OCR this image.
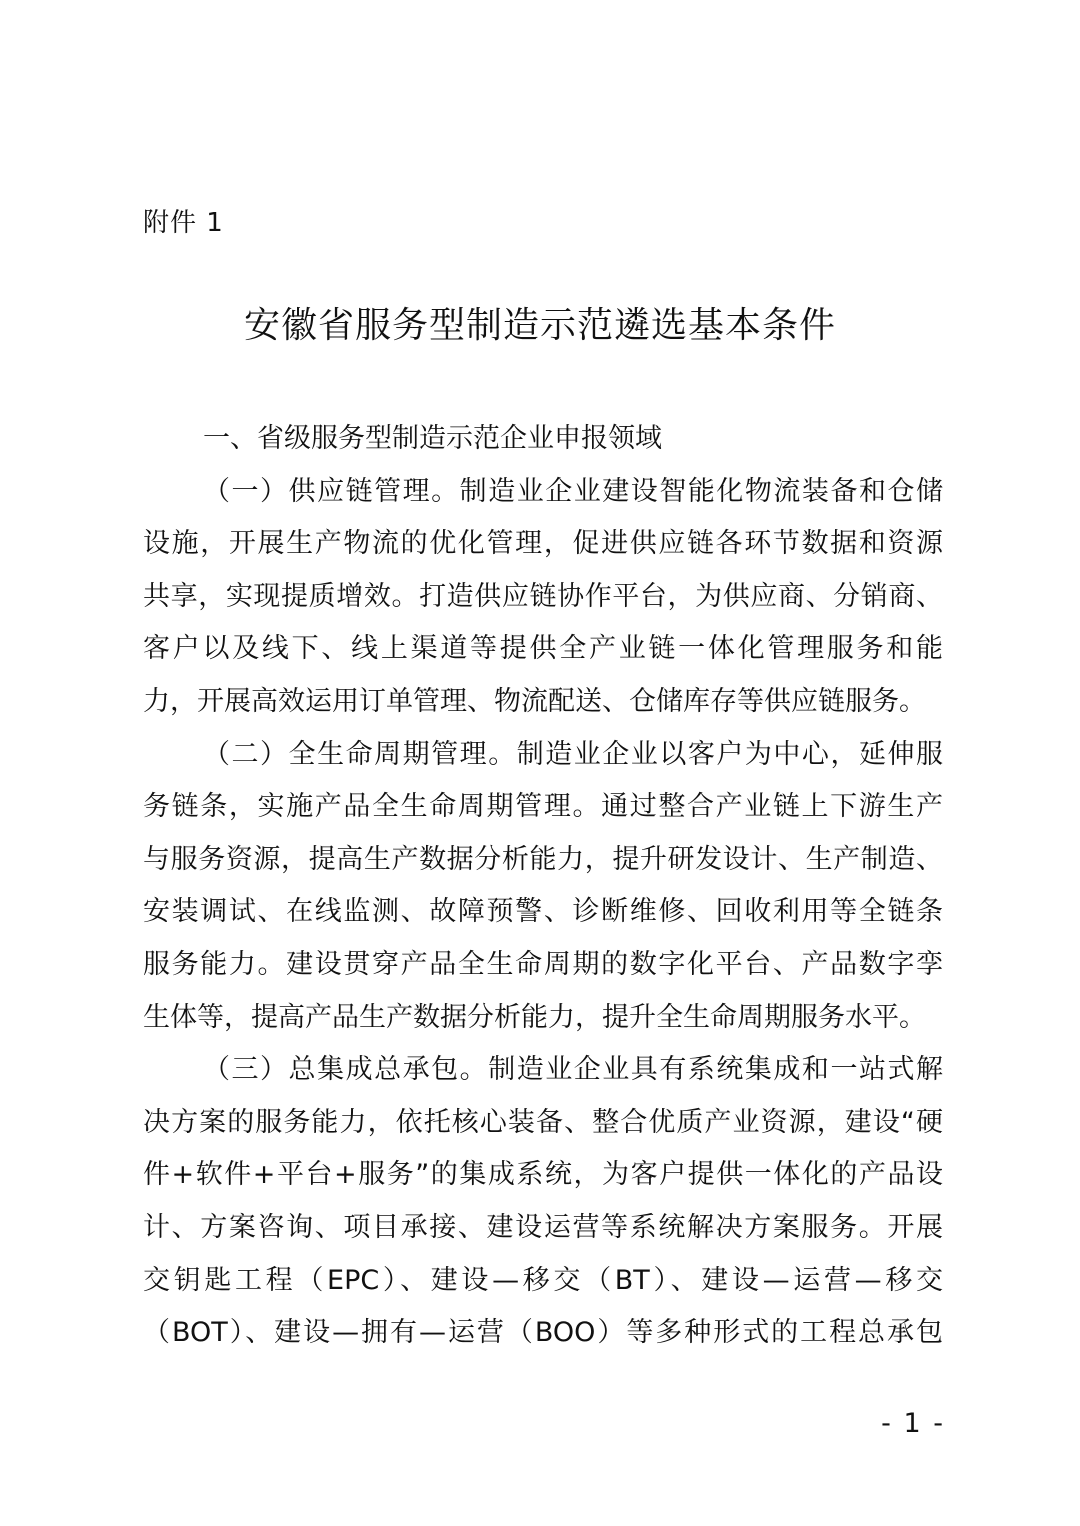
附件 1
安徽省服务型制造示范遴选基本条件
一、省级服务型制造示范企业申报领域
（一）供应链管理。制造业企业建设智能化物流装备和仓储
设施，开展生产物流的优化管理，促进供应链各环节数据和资源
共享，实现提质增效。打造供应链协作平台，为供应商、分销商、
客户以及线下、线上渠道等提供全产业链一体化管理服务和能
力，开展高效运用订单管理、物流配送、仓储库存等供应链服务。
（二）全生命周期管理。制造业企业以客户为中心，延伸服
务链条，实施产品全生命周期管理。通过整合产业链上下游生产
与服务资源，提高生产数据分析能力，提升研发设计、生产制造、
安装调试、在线监测、故障预警、诊断维修、回收利用等全链条
服务能力。建设贯穿产品全生命周期的数字化平台、产品数字孪
生体等，提高产品生产数据分析能力，提升全生命周期服务水平。
（三）总集成总承包。制造业企业具有系统集成和一站式解
决方案的服务能力，依托核心装备、整合优质产业资源，建设“硬
件+软件+平台+服务”的集成系统，为客户提供一体化的产品设
计、方案咨询、项目承接、建设运营等系统解决方案服务。开展
交钥匙工程（EPC）、建设—移交（BT）、建设—运营—移交
（BOT）、建设—拥有—运营（BOO）等多种形式的工程总承包
- 1 -
